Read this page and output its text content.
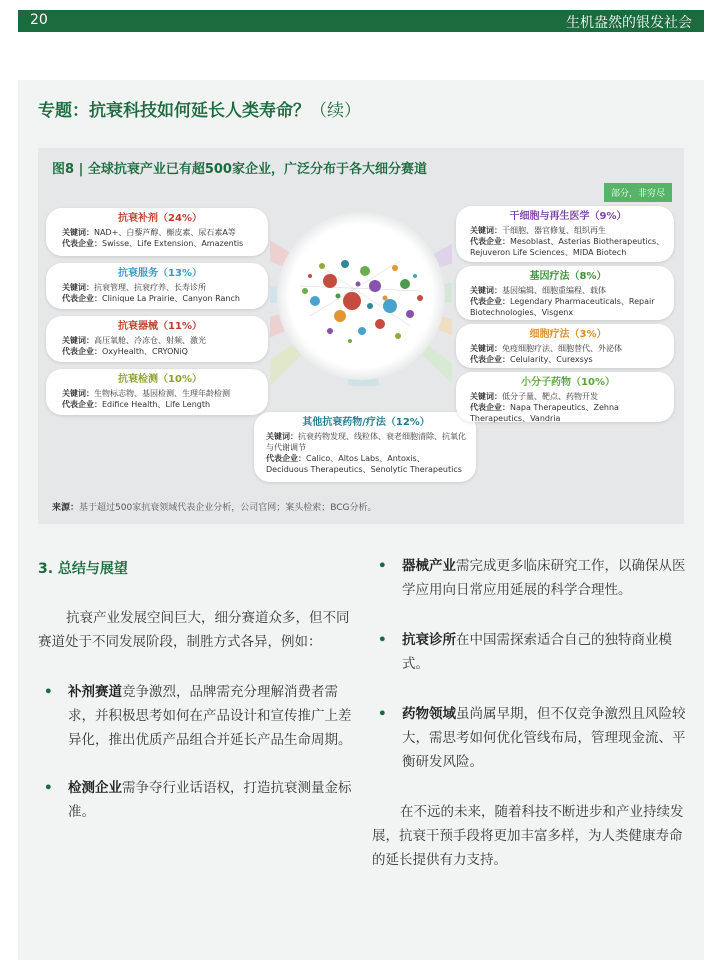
20	生机盎然的银发社会
专题：抗衰科技如何延长人类寿命？（续）
图8 | 全球抗衰产业已有超500家企业，广泛分布于各大细分赛道
部分，非穷尽
抗衰补剂（24%）
关键词：NAD+、白藜芦醇、槲皮素、尿石素A等
代表企业：Swisse、Life Extension、Amazentis
抗衰服务（13%）
关键词：抗衰管理、抗衰疗养、长寿诊所
代表企业：Clinique La Prairie、Canyon Ranch
抗衰器械（11%）
关键词：高压氧舱、冷冻仓、射频、激光
代表企业：OxyHealth、CRYONiQ
抗衰检测（10%）
关键词：生物标志物、基因检测、生理年龄检测
代表企业：Edifice Health、Life Length
其他抗衰药物/疗法（12%）
关键词：抗衰药物发现、线粒体、衰老细胞清除、抗氧化与代谢调节
代表企业：Calico、Altos Labs、Antoxis、Deciduous Therapeutics、Senolytic Therapeutics
干细胞与再生医学（9%）
关键词：干细胞、器官修复、组织再生
代表企业：Mesoblast、Asterias Biotherapeutics、Rejuveron Life Sciences、MIDA Biotech
基因疗法（8%）
关键词：基因编辑、细胞重编程、载体
代表企业：Legendary Pharmaceuticals、Repair Biotechnologies、Visgenx
细胞疗法（3%）
关键词：免疫细胞疗法、细胞替代、外泌体
代表企业：Celularity、Curexsys
小分子药物（10%）
关键词：低分子量、靶点、药物开发
代表企业：Napa Therapeutics、Zehna Therapeutics、Vandria
来源：基于超过500家抗衰领域代表企业分析，公司官网；案头检索；BCG分析。
3. 总结与展望
抗衰产业发展空间巨大，细分赛道众多，但不同赛道处于不同发展阶段，制胜方式各异，例如：
• 补剂赛道竞争激烈，品牌需充分理解消费者需求，并积极思考如何在产品设计和宣传推广上差异化，推出优质产品组合并延长产品生命周期。
• 检测企业需争夺行业话语权，打造抗衰测量金标准。
• 器械产业需完成更多临床研究工作，以确保从医学应用向日常应用延展的科学合理性。
• 抗衰诊所在中国需探索适合自己的独特商业模式。
• 药物领域虽尚属早期，但不仅竞争激烈且风险较大，需思考如何优化管线布局，管理现金流、平衡研发风险。
在不远的未来，随着科技不断进步和产业持续发展，抗衰干预手段将更加丰富多样，为人类健康寿命的延长提供有力支持。
